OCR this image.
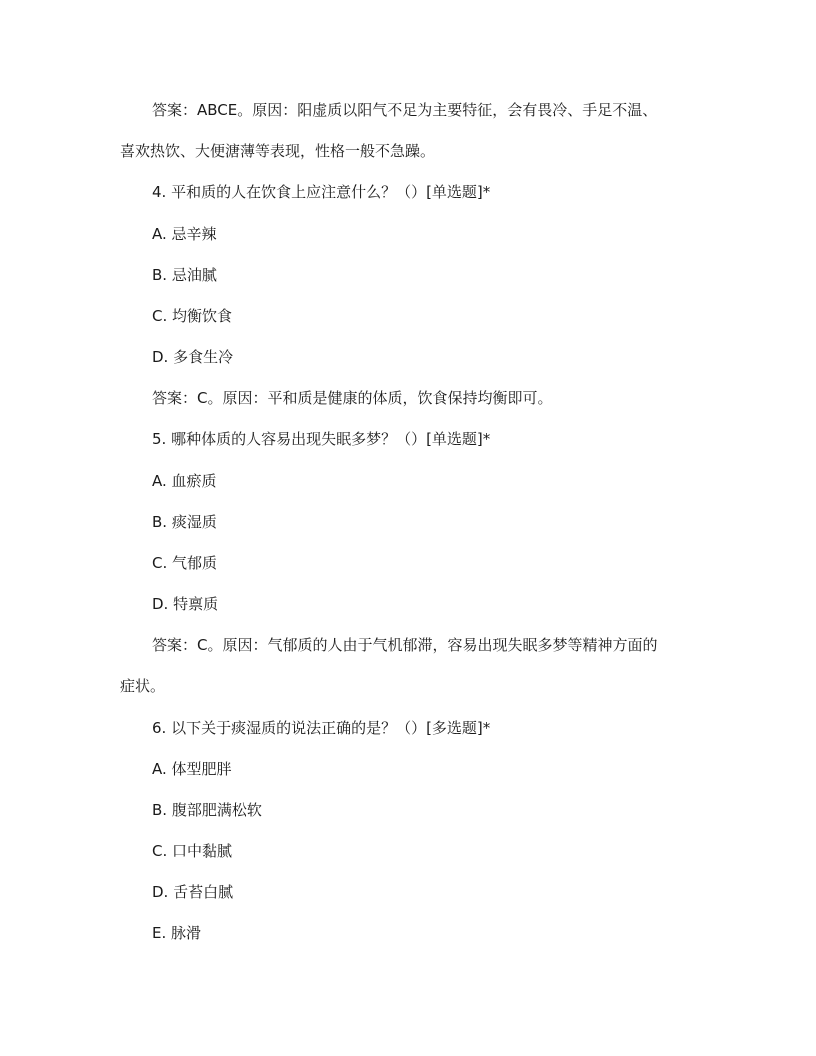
答案：ABCE。原因：阳虚质以阳气不足为主要特征，会有畏冷、手足不温、
喜欢热饮、大便溏薄等表现，性格一般不急躁。
4. 平和质的人在饮食上应注意什么？（）[单选题]*
A. 忌辛辣
B. 忌油腻
C. 均衡饮食
D. 多食生冷
答案：C。原因：平和质是健康的体质，饮食保持均衡即可。
5. 哪种体质的人容易出现失眠多梦？（）[单选题]*
A. 血瘀质
B. 痰湿质
C. 气郁质
D. 特禀质
答案：C。原因：气郁质的人由于气机郁滞，容易出现失眠多梦等精神方面的
症状。
6. 以下关于痰湿质的说法正确的是？（）[多选题]*
A. 体型肥胖
B. 腹部肥满松软
C. 口中黏腻
D. 舌苔白腻
E. 脉滑
